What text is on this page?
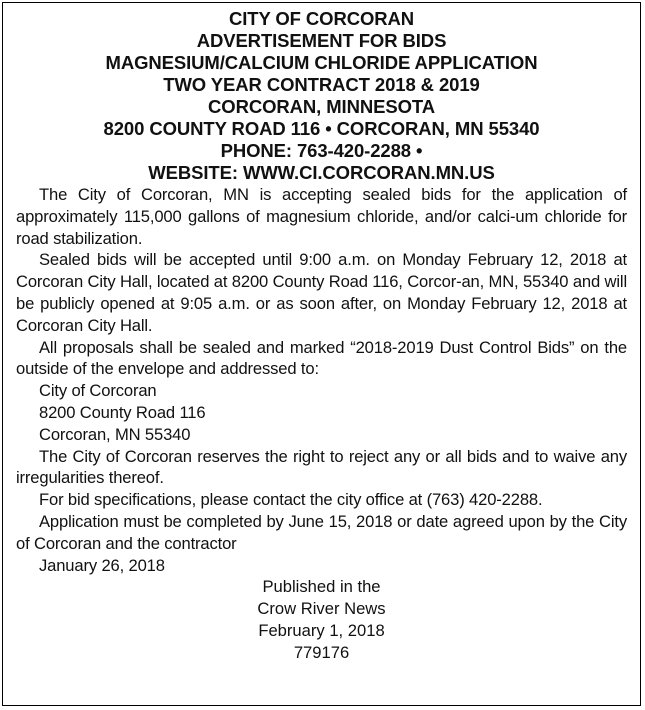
CITY OF CORCORAN
ADVERTISEMENT FOR BIDS
MAGNESIUM/CALCIUM CHLORIDE APPLICATION
TWO YEAR CONTRACT 2018 & 2019
CORCORAN, MINNESOTA
8200 COUNTY ROAD 116 • CORCORAN, MN 55340
PHONE: 763-420-2288 •
WEBSITE: WWW.CI.CORCORAN.MN.US

The City of Corcoran, MN is accepting sealed bids for the application of approximately 115,000 gallons of magnesium chloride, and/or calci-um chloride for road stabilization.

Sealed bids will be accepted until 9:00 a.m. on Monday February 12, 2018 at Corcoran City Hall, located at 8200 County Road 116, Corcor-an, MN, 55340 and will be publicly opened at 9:05 a.m. or as soon after, on Monday February 12, 2018 at Corcoran City Hall.

All proposals shall be sealed and marked “2018-2019 Dust Control Bids” on the outside of the envelope and addressed to:

City of Corcoran
8200 County Road 116
Corcoran, MN 55340

The City of Corcoran reserves the right to reject any or all bids and to waive any irregularities thereof.

For bid specifications, please contact the city office at (763) 420-2288.

Application must be completed by June 15, 2018 or date agreed upon by the City of Corcoran and the contractor

January 26, 2018

Published in the
Crow River News
February 1, 2018
779176
